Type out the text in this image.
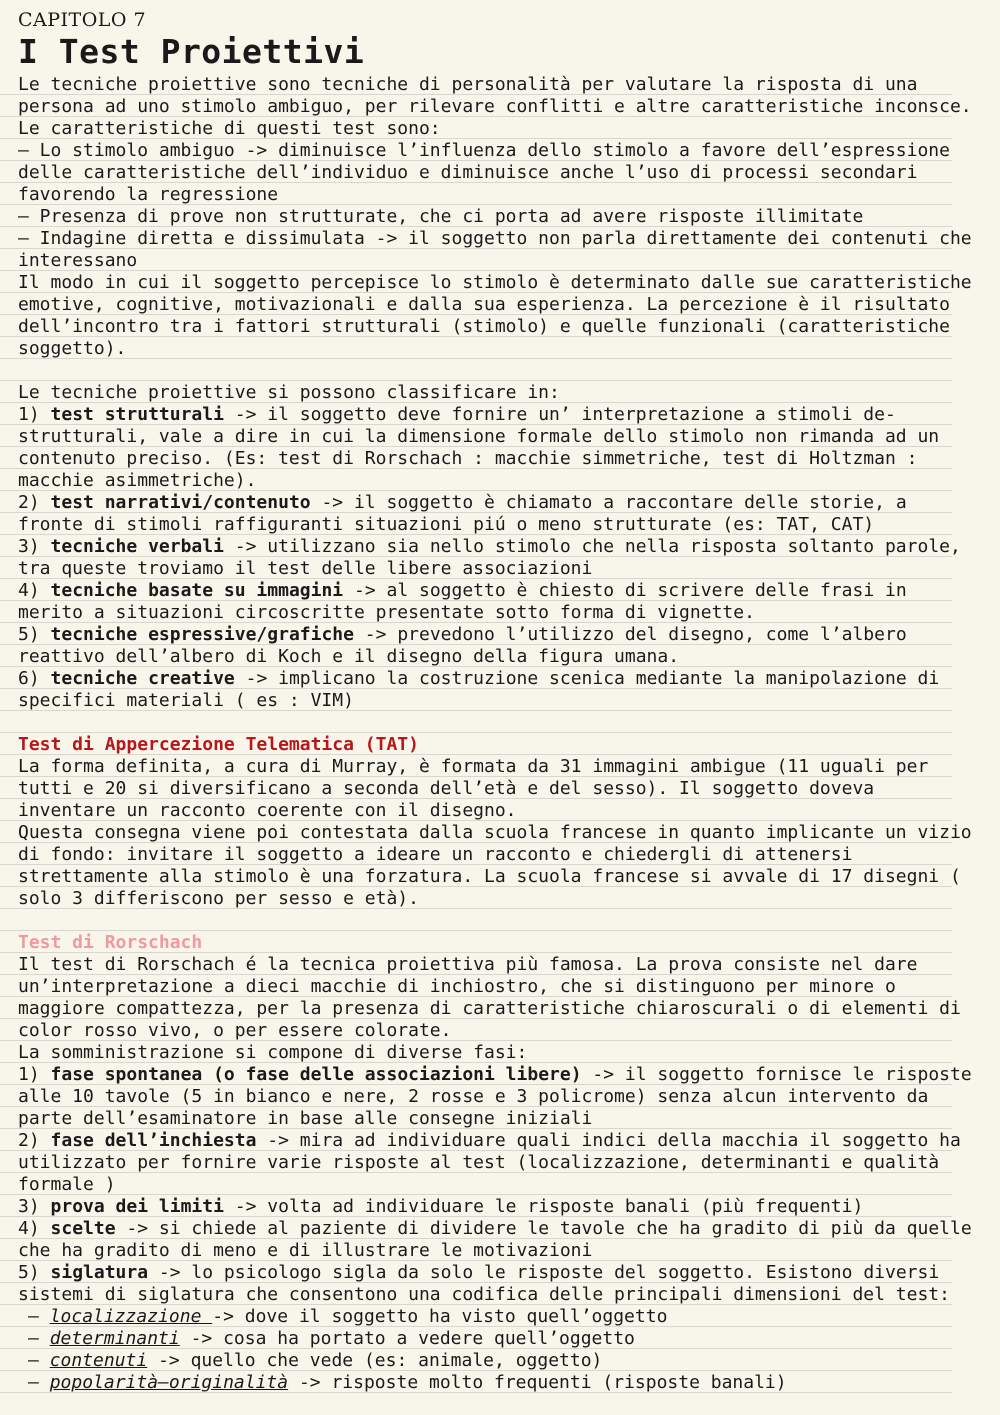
CAPITOLO 7

I Test Proiettivi

Le tecniche proiettive sono tecniche di personalità per valutare la risposta di una persona ad uno stimolo ambiguo, per rilevare conflitti e altre caratteristiche inconsce. Le caratteristiche di questi test sono:

– Lo stimolo ambiguo -> diminuisce l’influenza dello stimolo a favore dell’espressione delle caratteristiche dell’individuo e diminuisce anche l’uso di processi secondari favorendo la regressione

– Presenza di prove non strutturate, che ci porta ad avere risposte illimitate

– Indagine diretta e dissimulata -> il soggetto non parla direttamente dei contenuti che interessano

Il modo in cui il soggetto percepisce lo stimolo è determinato dalle sue caratteristiche emotive, cognitive, motivazionali e dalla sua esperienza. La percezione è il risultato dell’incontro tra i fattori strutturali (stimolo) e quelle funzionali (caratteristiche soggetto).

Le tecniche proiettive si possono classificare in:

1) test strutturali -> il soggetto deve fornire un’ interpretazione a stimoli de-strutturali, vale a dire in cui la dimensione formale dello stimolo non rimanda ad un contenuto preciso. (Es: test di Rorschach : macchie simmetriche, test di Holtzman : macchie asimmetriche).

2) test narrativi/contenuto -> il soggetto è chiamato a raccontare delle storie, a fronte di stimoli raffiguranti situazioni piú o meno strutturate (es: TAT, CAT)

3) tecniche verbali -> utilizzano sia nello stimolo che nella risposta soltanto parole, tra queste troviamo il test delle libere associazioni

4) tecniche basate su immagini -> al soggetto è chiesto di scrivere delle frasi in merito a situazioni circoscritte presentate sotto forma di vignette.

5) tecniche espressive/grafiche -> prevedono l’utilizzo del disegno, come l’albero reattivo dell’albero di Koch e il disegno della figura umana.

6) tecniche creative -> implicano la costruzione scenica mediante la manipolazione di specifici materiali ( es : VIM)

Test di Appercezione Telematica (TAT)

La forma definita, a cura di Murray, è formata da 31 immagini ambigue (11 uguali per tutti e 20 si diversificano a seconda dell’età e del sesso). Il soggetto doveva inventare un racconto coerente con il disegno.

Questa consegna viene poi contestata dalla scuola francese in quanto implicante un vizio di fondo: invitare il soggetto a ideare un racconto e chiedergli di attenersi strettamente alla stimolo è una forzatura. La scuola francese si avvale di 17 disegni ( solo 3 differiscono per sesso e età).

Test di Rorschach

Il test di Rorschach é la tecnica proiettiva più famosa. La prova consiste nel dare un’interpretazione a dieci macchie di inchiostro, che si distinguono per minore o maggiore compattezza, per la presenza di caratteristiche chiaroscurali o di elementi di color rosso vivo, o per essere colorate.

La somministrazione si compone di diverse fasi:

1) fase spontanea (o fase delle associazioni libere) -> il soggetto fornisce le risposte alle 10 tavole (5 in bianco e nere, 2 rosse e 3 policrome) senza alcun intervento da parte dell’esaminatore in base alle consegne iniziali

2) fase dell’inchiesta -> mira ad individuare quali indici della macchia il soggetto ha utilizzato per fornire varie risposte al test (localizzazione, determinanti e qualità formale )

3) prova dei limiti -> volta ad individuare le risposte banali (più frequenti)

4) scelte -> si chiede al paziente di dividere le tavole che ha gradito di più da quelle che ha gradito di meno e di illustrare le motivazioni

5) siglatura -> lo psicologo sigla da solo le risposte del soggetto. Esistono diversi sistemi di siglatura che consentono una codifica delle principali dimensioni del test:

– localizzazione -> dove il soggetto ha visto quell’oggetto

– determinanti -> cosa ha portato a vedere quell’oggetto

– contenuti -> quello che vede (es: animale, oggetto)

– popolarità–originalità -> risposte molto frequenti (risposte banali)
